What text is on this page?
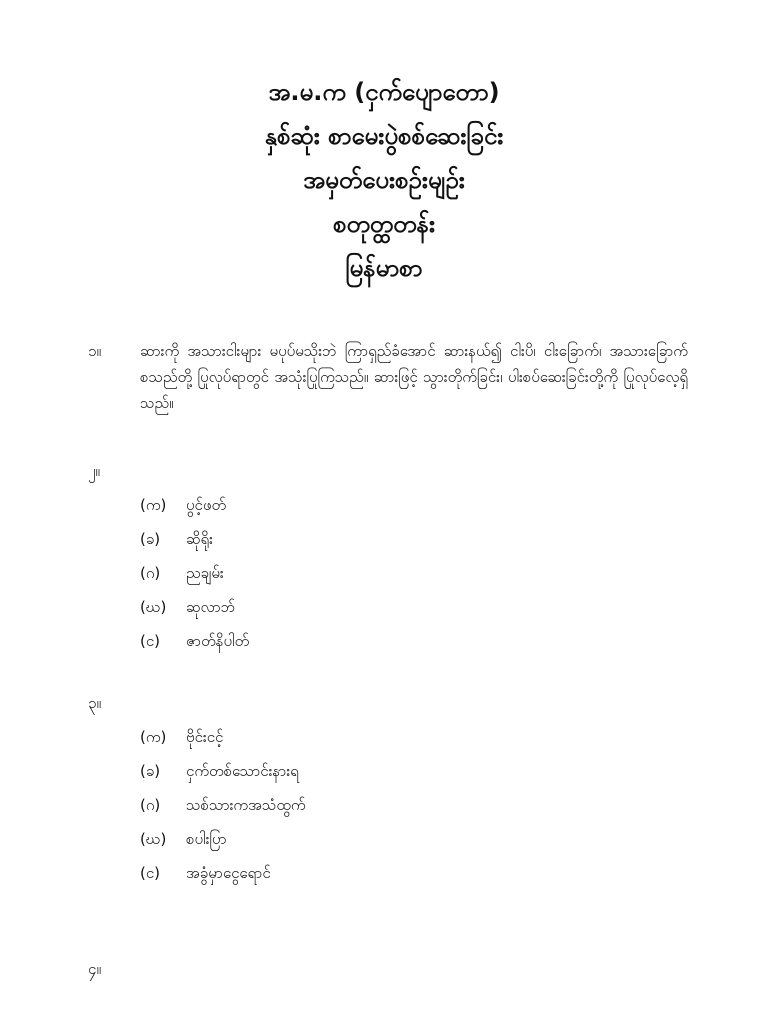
အ.မ.က (ငှက်ပျောတော)
နှစ်ဆုံး စာမေးပွဲစစ်ဆေးခြင်း
အမှတ်ပေးစဥ်းမျဉ်း
စတုတ္ထတန်း
မြန်မာစာ
၁။	ဆားကို အသားငါးများ မပုပ်မသိုးဘဲ ကြာရှည်ခံအောင် ဆားနယ်၍ ငါးပိ၊ ငါးခြောက်၊ အသားခြောက်စသည်တို့ ပြုလုပ်ရာတွင် အသုံးပြုကြသည်။ ဆားဖြင့် သွားတိုက်ခြင်း၊ ပါးစပ်ဆေးခြင်းတို့ကို ပြုလုပ်လေ့ရှိသည်။
၂။
(က) ပွင့်ဖတ်
(ခ) ဆိုရိုး
(ဂ) ညချမ်း
(ဃ) ဆုလာဘ်
(င) ဇာတ်နိပါတ်
၃။
(က) ဗိုင်းငင့်
(ခ) ငှက်တစ်သောင်းနားရ
(ဂ) သစ်သားကအသံထွက်
(ဃ) စပါးပြာ
(င) အခွံမှာငွေရောင်
၄။
